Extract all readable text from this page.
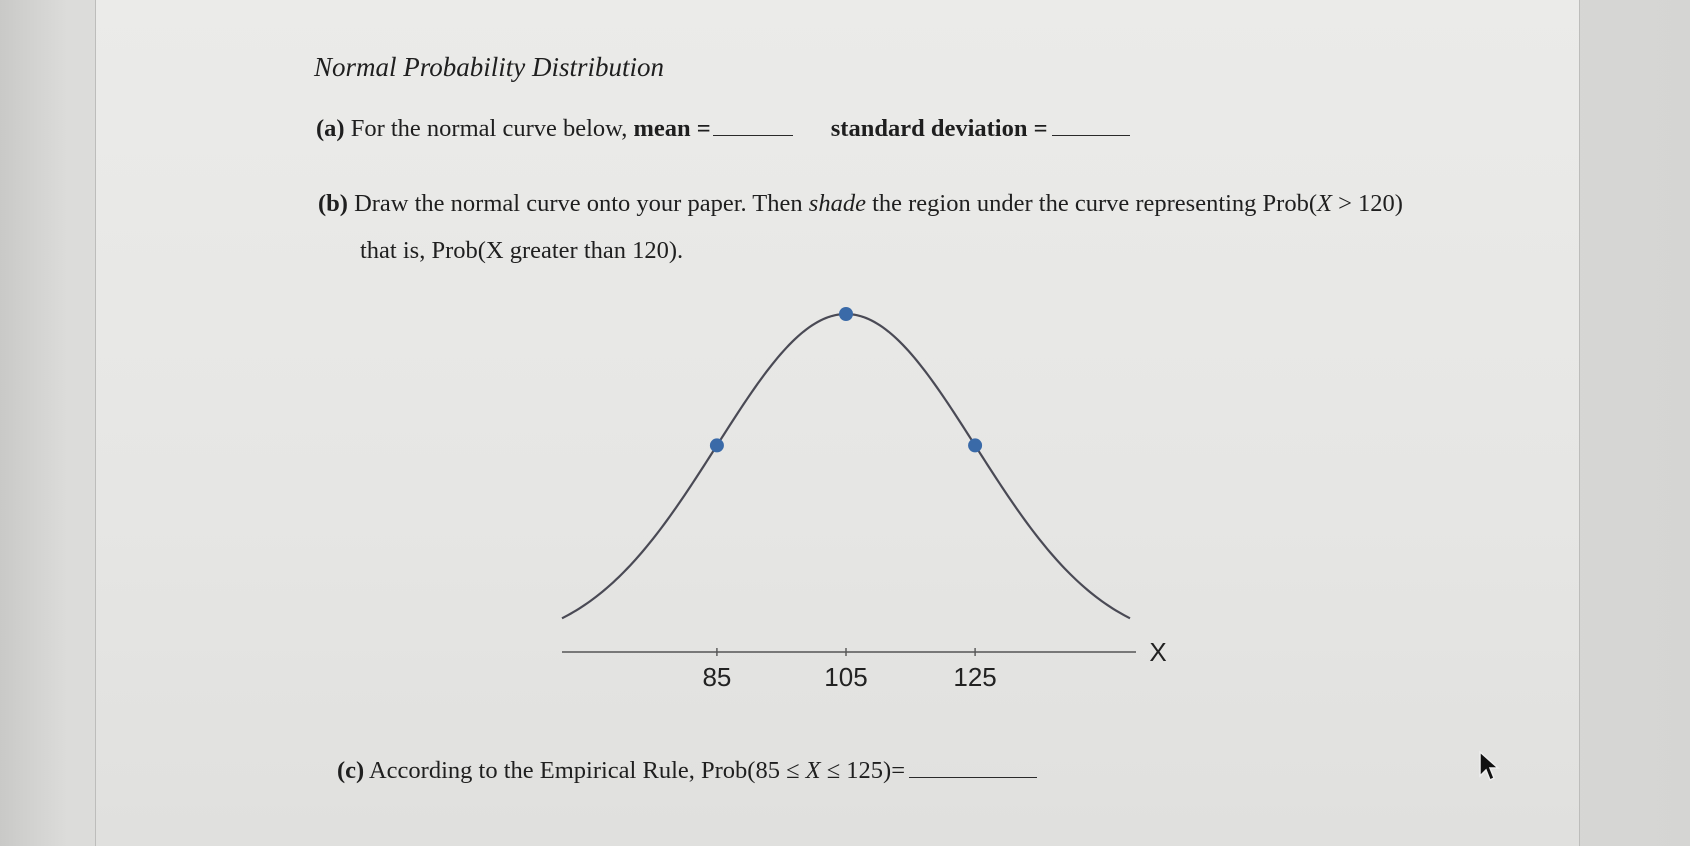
Normal Probability Distribution
(a) For the normal curve below, mean =	standard deviation =
(b) Draw the normal curve onto your paper. Then shade the region under the curve representing Prob(X > 120)
that is, Prob(X greater than 120).
X
85	105	125
(c) According to the Empirical Rule, Prob(85 ≤ X ≤ 125)=
